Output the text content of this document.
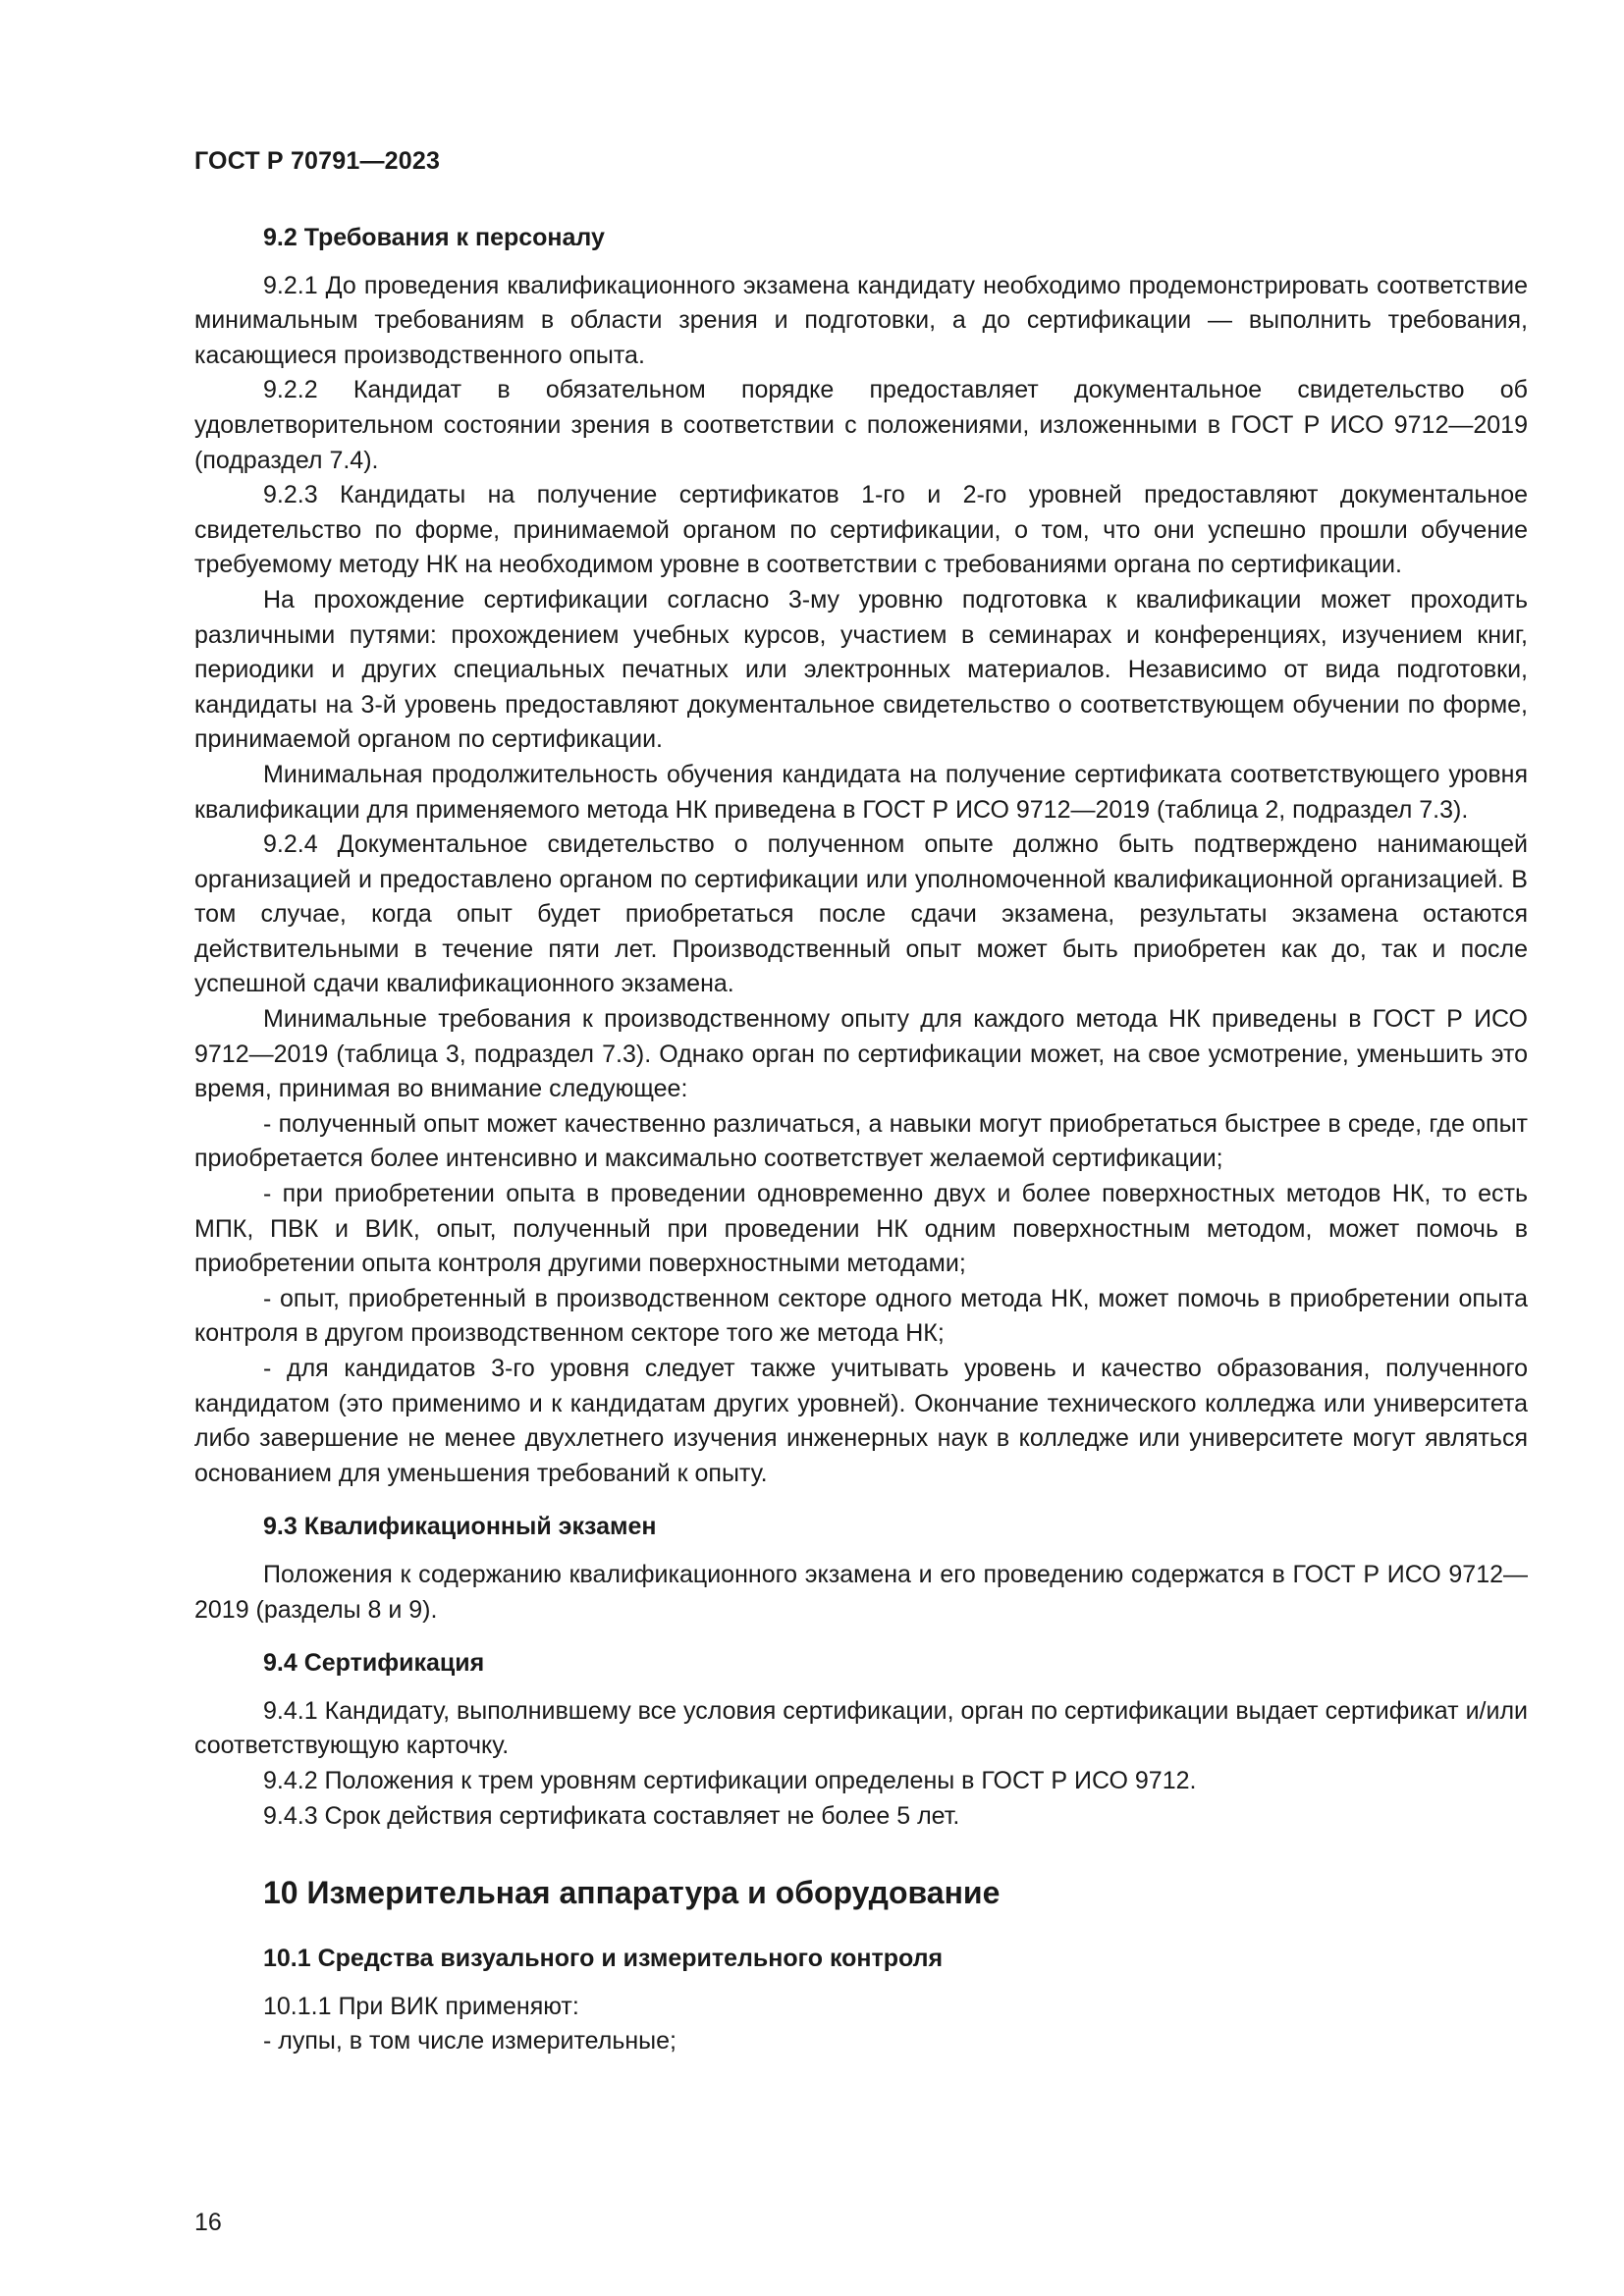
ГОСТ Р 70791—2023
9.2 Требования к персоналу

9.2.1 До проведения квалификационного экзамена кандидату необходимо продемонстрировать соответствие минимальным требованиям в области зрения и подготовки, а до сертификации — выполнить требования, касающиеся производственного опыта.

9.2.2 Кандидат в обязательном порядке предоставляет документальное свидетельство об удовлетворительном состоянии зрения в соответствии с положениями, изложенными в ГОСТ Р ИСО 9712—2019 (подраздел 7.4).

9.2.3 Кандидаты на получение сертификатов 1-го и 2-го уровней предоставляют документальное свидетельство по форме, принимаемой органом по сертификации, о том, что они успешно прошли обучение требуемому методу НК на необходимом уровне в соответствии с требованиями органа по сертификации.

На прохождение сертификации согласно 3-му уровню подготовка к квалификации может проходить различными путями: прохождением учебных курсов, участием в семинарах и конференциях, изучением книг, периодики и других специальных печатных или электронных материалов. Независимо от вида подготовки, кандидаты на 3-й уровень предоставляют документальное свидетельство о соответствующем обучении по форме, принимаемой органом по сертификации.

Минимальная продолжительность обучения кандидата на получение сертификата соответствующего уровня квалификации для применяемого метода НК приведена в ГОСТ Р ИСО 9712—2019 (таблица 2, подраздел 7.3).

9.2.4 Документальное свидетельство о полученном опыте должно быть подтверждено нанимающей организацией и предоставлено органом по сертификации или уполномоченной квалификационной организацией. В том случае, когда опыт будет приобретаться после сдачи экзамена, результаты экзамена остаются действительными в течение пяти лет. Производственный опыт может быть приобретен как до, так и после успешной сдачи квалификационного экзамена.

Минимальные требования к производственному опыту для каждого метода НК приведены в ГОСТ Р ИСО 9712—2019 (таблица 3, подраздел 7.3). Однако орган по сертификации может, на свое усмотрение, уменьшить это время, принимая во внимание следующее:

- полученный опыт может качественно различаться, а навыки могут приобретаться быстрее в среде, где опыт приобретается более интенсивно и максимально соответствует желаемой сертификации;

- при приобретении опыта в проведении одновременно двух и более поверхностных методов НК, то есть МПК, ПВК и ВИК, опыт, полученный при проведении НК одним поверхностным методом, может помочь в приобретении опыта контроля другими поверхностными методами;

- опыт, приобретенный в производственном секторе одного метода НК, может помочь в приобретении опыта контроля в другом производственном секторе того же метода НК;

- для кандидатов 3-го уровня следует также учитывать уровень и качество образования, полученного кандидатом (это применимо и к кандидатам других уровней). Окончание технического колледжа или университета либо завершение не менее двухлетнего изучения инженерных наук в колледже или университете могут являться основанием для уменьшения требований к опыту.

9.3 Квалификационный экзамен

Положения к содержанию квалификационного экзамена и его проведению содержатся в ГОСТ Р ИСО 9712—2019 (разделы 8 и 9).

9.4 Сертификация

9.4.1 Кандидату, выполнившему все условия сертификации, орган по сертификации выдает сертификат и/или соответствующую карточку.

9.4.2 Положения к трем уровням сертификации определены в ГОСТ Р ИСО 9712.

9.4.3 Срок действия сертификата составляет не более 5 лет.

10 Измерительная аппаратура и оборудование
10.1 Средства визуального и измерительного контроля

10.1.1 При ВИК применяют:

- лупы, в том числе измерительные;

16
